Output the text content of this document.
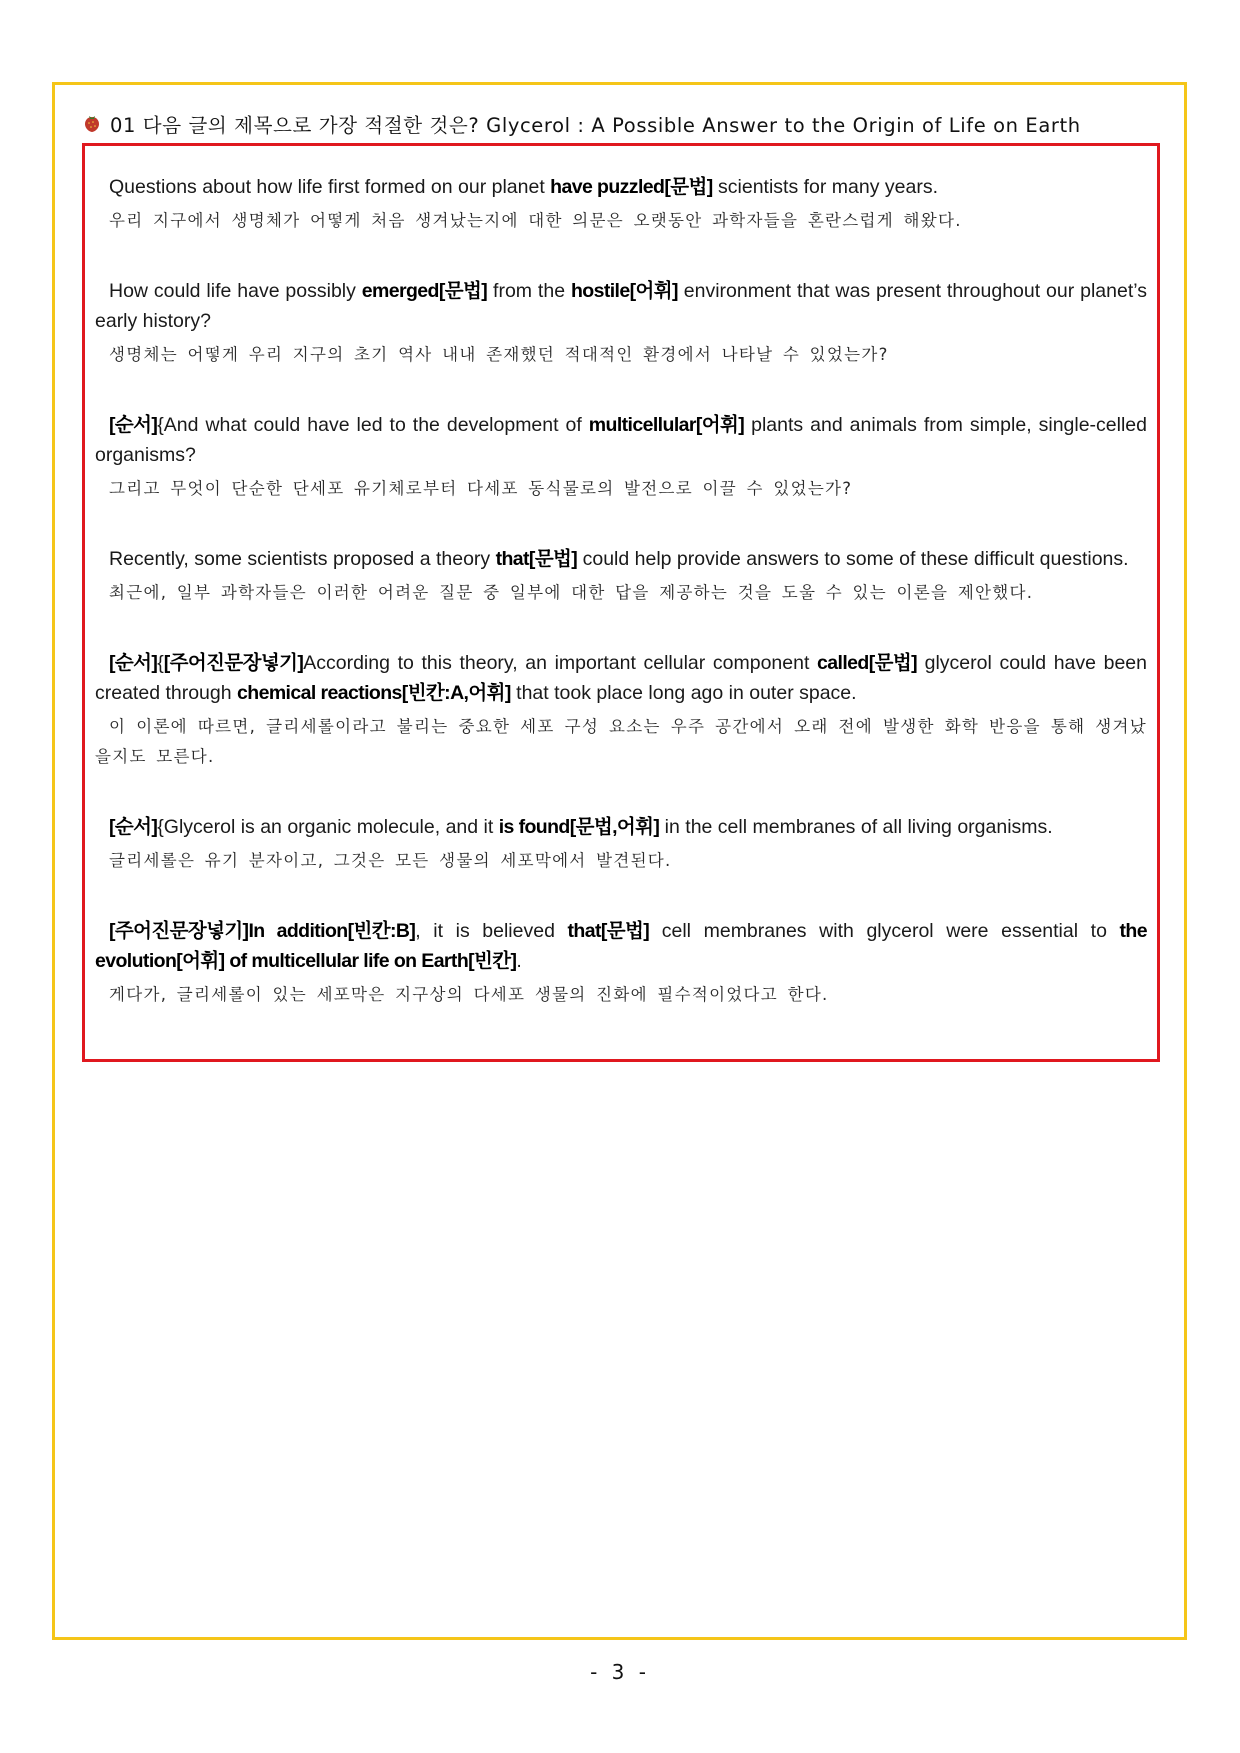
01 다음 글의 제목으로 가장 적절한 것은? Glycerol : A Possible Answer to the Origin of Life on Earth

Questions about how life first formed on our planet have puzzled[문법] scientists for many years.

우리 지구에서 생명체가 어떻게 처음 생겨났는지에 대한 의문은 오랫동안 과학자들을 혼란스럽게 해왔다.

How could life have possibly emerged[문법] from the hostile[어휘] environment that was present throughout our planet’s early history?

생명체는 어떻게 우리 지구의 초기 역사 내내 존재했던 적대적인 환경에서 나타날 수 있었는가?

[순서]{And what could have led to the development of multicellular[어휘] plants and animals from simple, single-celled organisms?

그리고 무엇이 단순한 단세포 유기체로부터 다세포 동식물로의 발전으로 이끌 수 있었는가?

Recently, some scientists proposed a theory that[문법] could help provide answers to some of these difficult questions.

최근에, 일부 과학자들은 이러한 어려운 질문 중 일부에 대한 답을 제공하는 것을 도울 수 있는 이론을 제안했다.

[순서]{[주어진문장넣기]According to this theory, an important cellular component called[문법] glycerol could have been created through chemical reactions[빈칸:A,어휘] that took place long ago in outer space.

이 이론에 따르면, 글리세롤이라고 불리는 중요한 세포 구성 요소는 우주 공간에서 오래 전에 발생한 화학 반응을 통해 생겨났을지도 모른다.

[순서]{Glycerol is an organic molecule, and it is found[문법,어휘] in the cell membranes of all living organisms.

글리세롤은 유기 분자이고, 그것은 모든 생물의 세포막에서 발견된다.

[주어진문장넣기]In addition[빈칸:B], it is believed that[문법] cell membranes with glycerol were essential to the evolution[어휘] of multicellular life on Earth[빈칸].

게다가, 글리세롤이 있는 세포막은 지구상의 다세포 생물의 진화에 필수적이었다고 한다.

- 3 -
